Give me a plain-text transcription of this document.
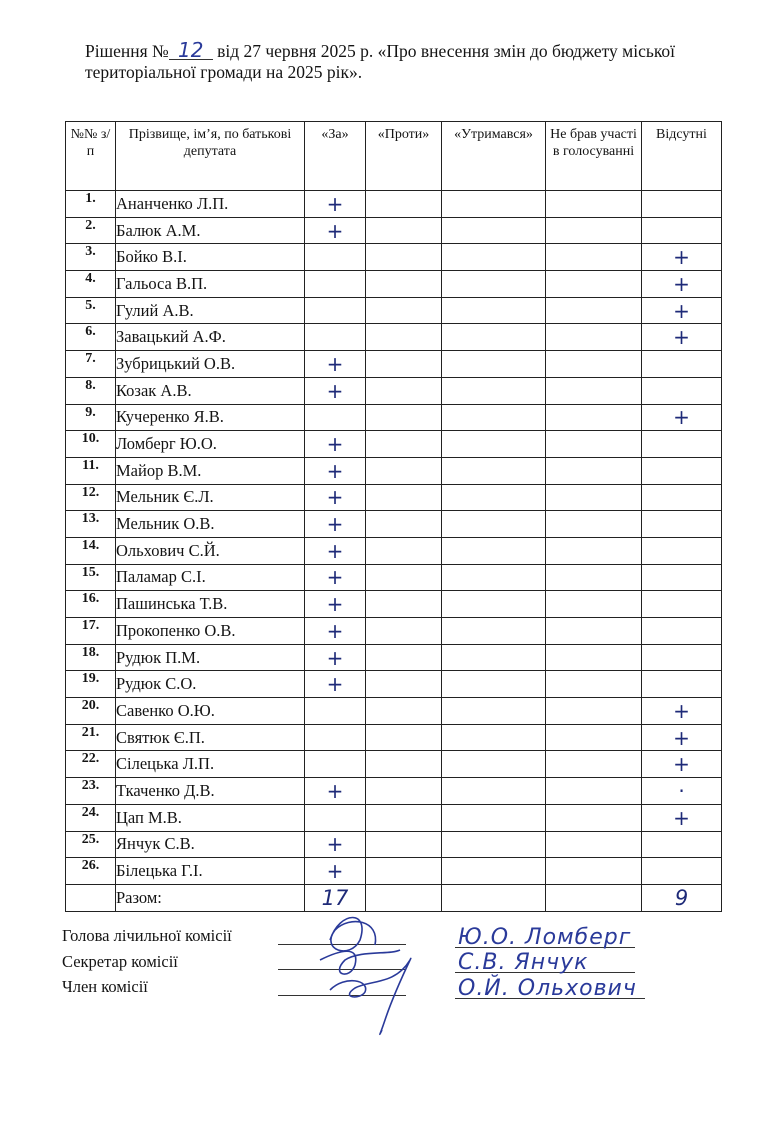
Рішення № 12 від 27 червня 2025 р. «Про внесення змін до бюджету міської
територіальної громади на 2025 рік».
№№ з/п	Прізвище, ім’я, по батькові депутата	«За»	«Проти»	«Утримався»	Не брав участі в голосуванні	Відсутні
1.	Ананченко Л.П.	+				
2.	Балюк А.М.	+				
3.	Бойко В.І.					+
4.	Гальоса В.П.					+
5.	Гулий А.В.					+
6.	Завацький А.Ф.					+
7.	Зубрицький О.В.	+				
8.	Козак А.В.	+				
9.	Кучеренко Я.В.					+
10.	Ломберг Ю.О.	+				
11.	Майор В.М.	+				
12.	Мельник Є.Л.	+				
13.	Мельник О.В.	+				
14.	Ольхович С.Й.	+				
15.	Паламар С.І.	+				
16.	Пашинська Т.В.	+				
17.	Прокопенко О.В.	+				
18.	Рудюк П.М.	+				
19.	Рудюк С.О.	+				
20.	Савенко О.Ю.					+
21.	Святюк Є.П.					+
22.	Сілецька Л.П.					+
23.	Ткаченко Д.В.	+				·
24.	Цап М.В.					+
25.	Янчук С.В.	+				
26.	Білецька Г.І.	+				
	Разом:	17				9
Голова лічильної комісії
Секретар комісії
Член комісії
Ю.О. Ломберг
С.В. Янчук
О.Й. Ольхович
